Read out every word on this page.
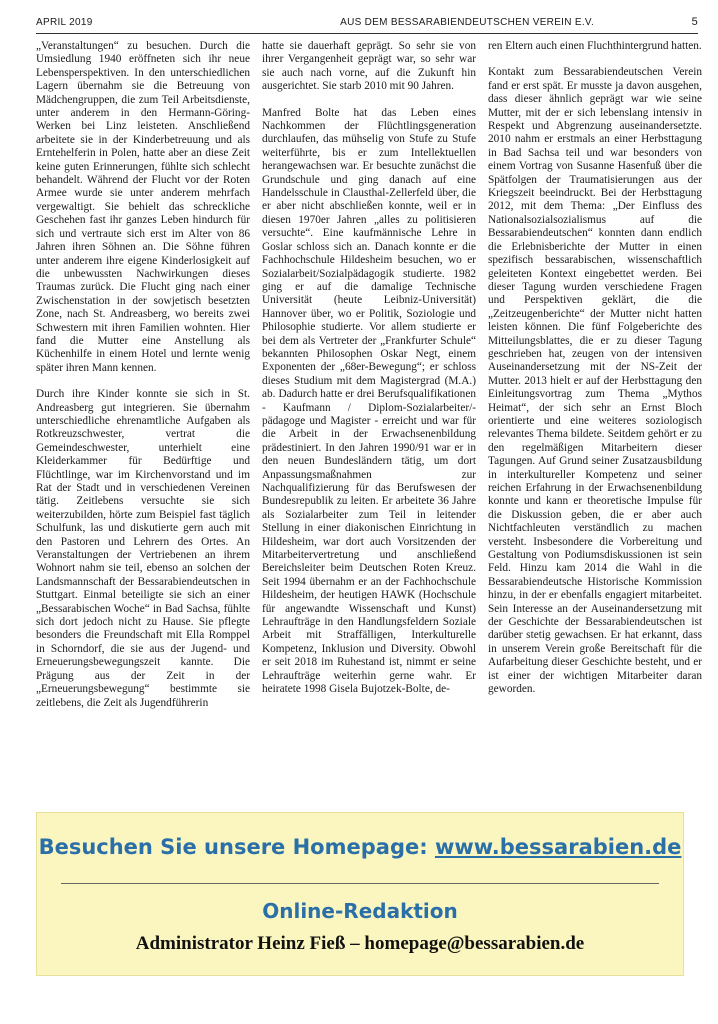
APRIL 2019	AUS DEM BESSARABIENDEUTSCHEN VEREIN E.V.	5

„Veranstaltungen“ zu besuchen. Durch die Umsiedlung 1940 eröffneten sich ihr neue Lebensperspektiven. In den unterschiedlichen Lagern übernahm sie die Betreuung von Mädchengruppen, die zum Teil Arbeitsdienste, unter anderem in den Hermann-Göring-Werken bei Linz leisteten. Anschließend arbeitete sie in der Kinderbetreuung und als Erntehelferin in Polen, hatte aber an diese Zeit keine guten Erinnerungen, fühlte sich schlecht behandelt. Während der Flucht vor der Roten Armee wurde sie unter anderem mehrfach vergewaltigt. Sie behielt das schreckliche Geschehen fast ihr ganzes Leben hindurch für sich und vertraute sich erst im Alter von 86 Jahren ihren Söhnen an. Die Söhne führen unter anderem ihre eigene Kinderlosigkeit auf die unbewussten Nachwirkungen dieses Traumas zurück. Die Flucht ging nach einer Zwischenstation in der sowjetisch besetzten Zone, nach St. Andreasberg, wo bereits zwei Schwestern mit ihren Familien wohnten. Hier fand die Mutter eine Anstellung als Küchenhilfe in einem Hotel und lernte wenig später ihren Mann kennen.

Durch ihre Kinder konnte sie sich in St. Andreasberg gut integrieren. Sie übernahm unterschiedliche ehrenamtliche Aufgaben als Rotkreuzschwester, vertrat die Gemeindeschwester, unterhielt eine Kleiderkammer für Bedürftige und Flüchtlinge, war im Kirchenvorstand und im Rat der Stadt und in verschiedenen Vereinen tätig. Zeitlebens versuchte sie sich weiterzubilden, hörte zum Beispiel fast täglich Schulfunk, las und diskutierte gern auch mit den Pastoren und Lehrern des Ortes. An Veranstaltungen der Vertriebenen an ihrem Wohnort nahm sie teil, ebenso an solchen der Landsmannschaft der Bessarabiendeutschen in Stuttgart. Einmal beteiligte sie sich an einer „Bessarabischen Woche“ in Bad Sachsa, fühlte sich dort jedoch nicht zu Hause. Sie pflegte besonders die Freundschaft mit Ella Romppel in Schorndorf, die sie aus der Jugend- und Erneuerungsbewegungszeit kannte. Die Prägung aus der Zeit in der „Erneuerungsbewegung“ bestimmte sie zeitlebens, die Zeit als Jugendführerin

hatte sie dauerhaft geprägt. So sehr sie von ihrer Vergangenheit geprägt war, so sehr war sie auch nach vorne, auf die Zukunft hin ausgerichtet. Sie starb 2010 mit 90 Jahren.

Manfred Bolte hat das Leben eines Nachkommen der Flüchtlingsgeneration durchlaufen, das mühselig von Stufe zu Stufe weiterführte, bis er zum Intellektuellen herangewachsen war. Er besuchte zunächst die Grundschule und ging danach auf eine Handelsschule in Clausthal-Zellerfeld über, die er aber nicht abschließen konnte, weil er in diesen 1970er Jahren „alles zu politisieren versuchte“. Eine kaufmännische Lehre in Goslar schloss sich an. Danach konnte er die Fachhochschule Hildesheim besuchen, wo er Sozialarbeit/Sozialpädagogik studierte. 1982 ging er auf die damalige Technische Universität (heute Leibniz-Universität) Hannover über, wo er Politik, Soziologie und Philosophie studierte. Vor allem studierte er bei dem als Vertreter der „Frankfurter Schule“ bekannten Philosophen Oskar Negt, einem Exponenten der „68er-Bewegung“; er schloss dieses Studium mit dem Magistergrad (M.A.) ab. Dadurch hatte er drei Berufsqualifikationen - Kaufmann / Diplom-Sozialarbeiter/-pädagoge und Magister - erreicht und war für die Arbeit in der Erwachsenenbildung prädestiniert. In den Jahren 1990/91 war er in den neuen Bundesländern tätig, um dort Anpassungsmaßnahmen zur Nachqualifizierung für das Berufswesen der Bundesrepublik zu leiten. Er arbeitete 36 Jahre als Sozialarbeiter zum Teil in leitender Stellung in einer diakonischen Einrichtung in Hildesheim, war dort auch Vorsitzenden der Mitarbeitervertretung und anschließend Bereichsleiter beim Deutschen Roten Kreuz. Seit 1994 übernahm er an der Fachhochschule Hildesheim, der heutigen HAWK (Hochschule für angewandte Wissenschaft und Kunst) Lehraufträge in den Handlungsfeldern Soziale Arbeit mit Straffälligen, Interkulturelle Kompetenz, Inklusion und Diversity. Obwohl er seit 2018 im Ruhestand ist, nimmt er seine Lehraufträge weiterhin gerne wahr. Er heiratete 1998 Gisela Bujotzek-Bolte, de-

ren Eltern auch einen Fluchthintergrund hatten.

Kontakt zum Bessarabiendeutschen Verein fand er erst spät. Er musste ja davon ausgehen, dass dieser ähnlich geprägt war wie seine Mutter, mit der er sich lebenslang intensiv in Respekt und Abgrenzung auseinandersetzte. 2010 nahm er erstmals an einer Herbsttagung in Bad Sachsa teil und war besonders von einem Vortrag von Susanne Hasenfuß über die Spätfolgen der Traumatisierungen aus der Kriegszeit beeindruckt. Bei der Herbsttagung 2012, mit dem Thema: „Der Einfluss des Nationalsozialsozialismus auf die Bessarabiendeutschen“ konnten dann endlich die Erlebnisberichte der Mutter in einen spezifisch bessarabischen, wissenschaftlich geleiteten Kontext eingebettet werden. Bei dieser Tagung wurden verschiedene Fragen und Perspektiven geklärt, die die „Zeitzeugenberichte“ der Mutter nicht hatten leisten können. Die fünf Folgeberichte des Mitteilungsblattes, die er zu dieser Tagung geschrieben hat, zeugen von der intensiven Auseinandersetzung mit der NS-Zeit der Mutter. 2013 hielt er auf der Herbsttagung den Einleitungsvortrag zum Thema „Mythos Heimat“, der sich sehr an Ernst Bloch orientierte und eine weiteres soziologisch relevantes Thema bildete. Seitdem gehört er zu den regelmäßigen Mitarbeitern dieser Tagungen. Auf Grund seiner Zusatzausbildung in interkultureller Kompetenz und seiner reichen Erfahrung in der Erwachsenenbildung konnte und kann er theoretische Impulse für die Diskussion geben, die er aber auch Nichtfachleuten verständlich zu machen versteht. Insbesondere die Vorbereitung und Gestaltung von Podiumsdiskussionen ist sein Feld. Hinzu kam 2014 die Wahl in die Bessarabiendeutsche Historische Kommission hinzu, in der er ebenfalls engagiert mitarbeitet. Sein Interesse an der Auseinandersetzung mit der Geschichte der Bessarabiendeutschen ist darüber stetig gewachsen. Er hat erkannt, dass in unserem Verein große Bereitschaft für die Aufarbeitung dieser Geschichte besteht, und er ist einer der wichtigen Mitarbeiter daran geworden.

Besuchen Sie unsere Homepage: www.bessarabien.de
Online-Redaktion
Administrator Heinz Fieß – homepage@bessarabien.de
